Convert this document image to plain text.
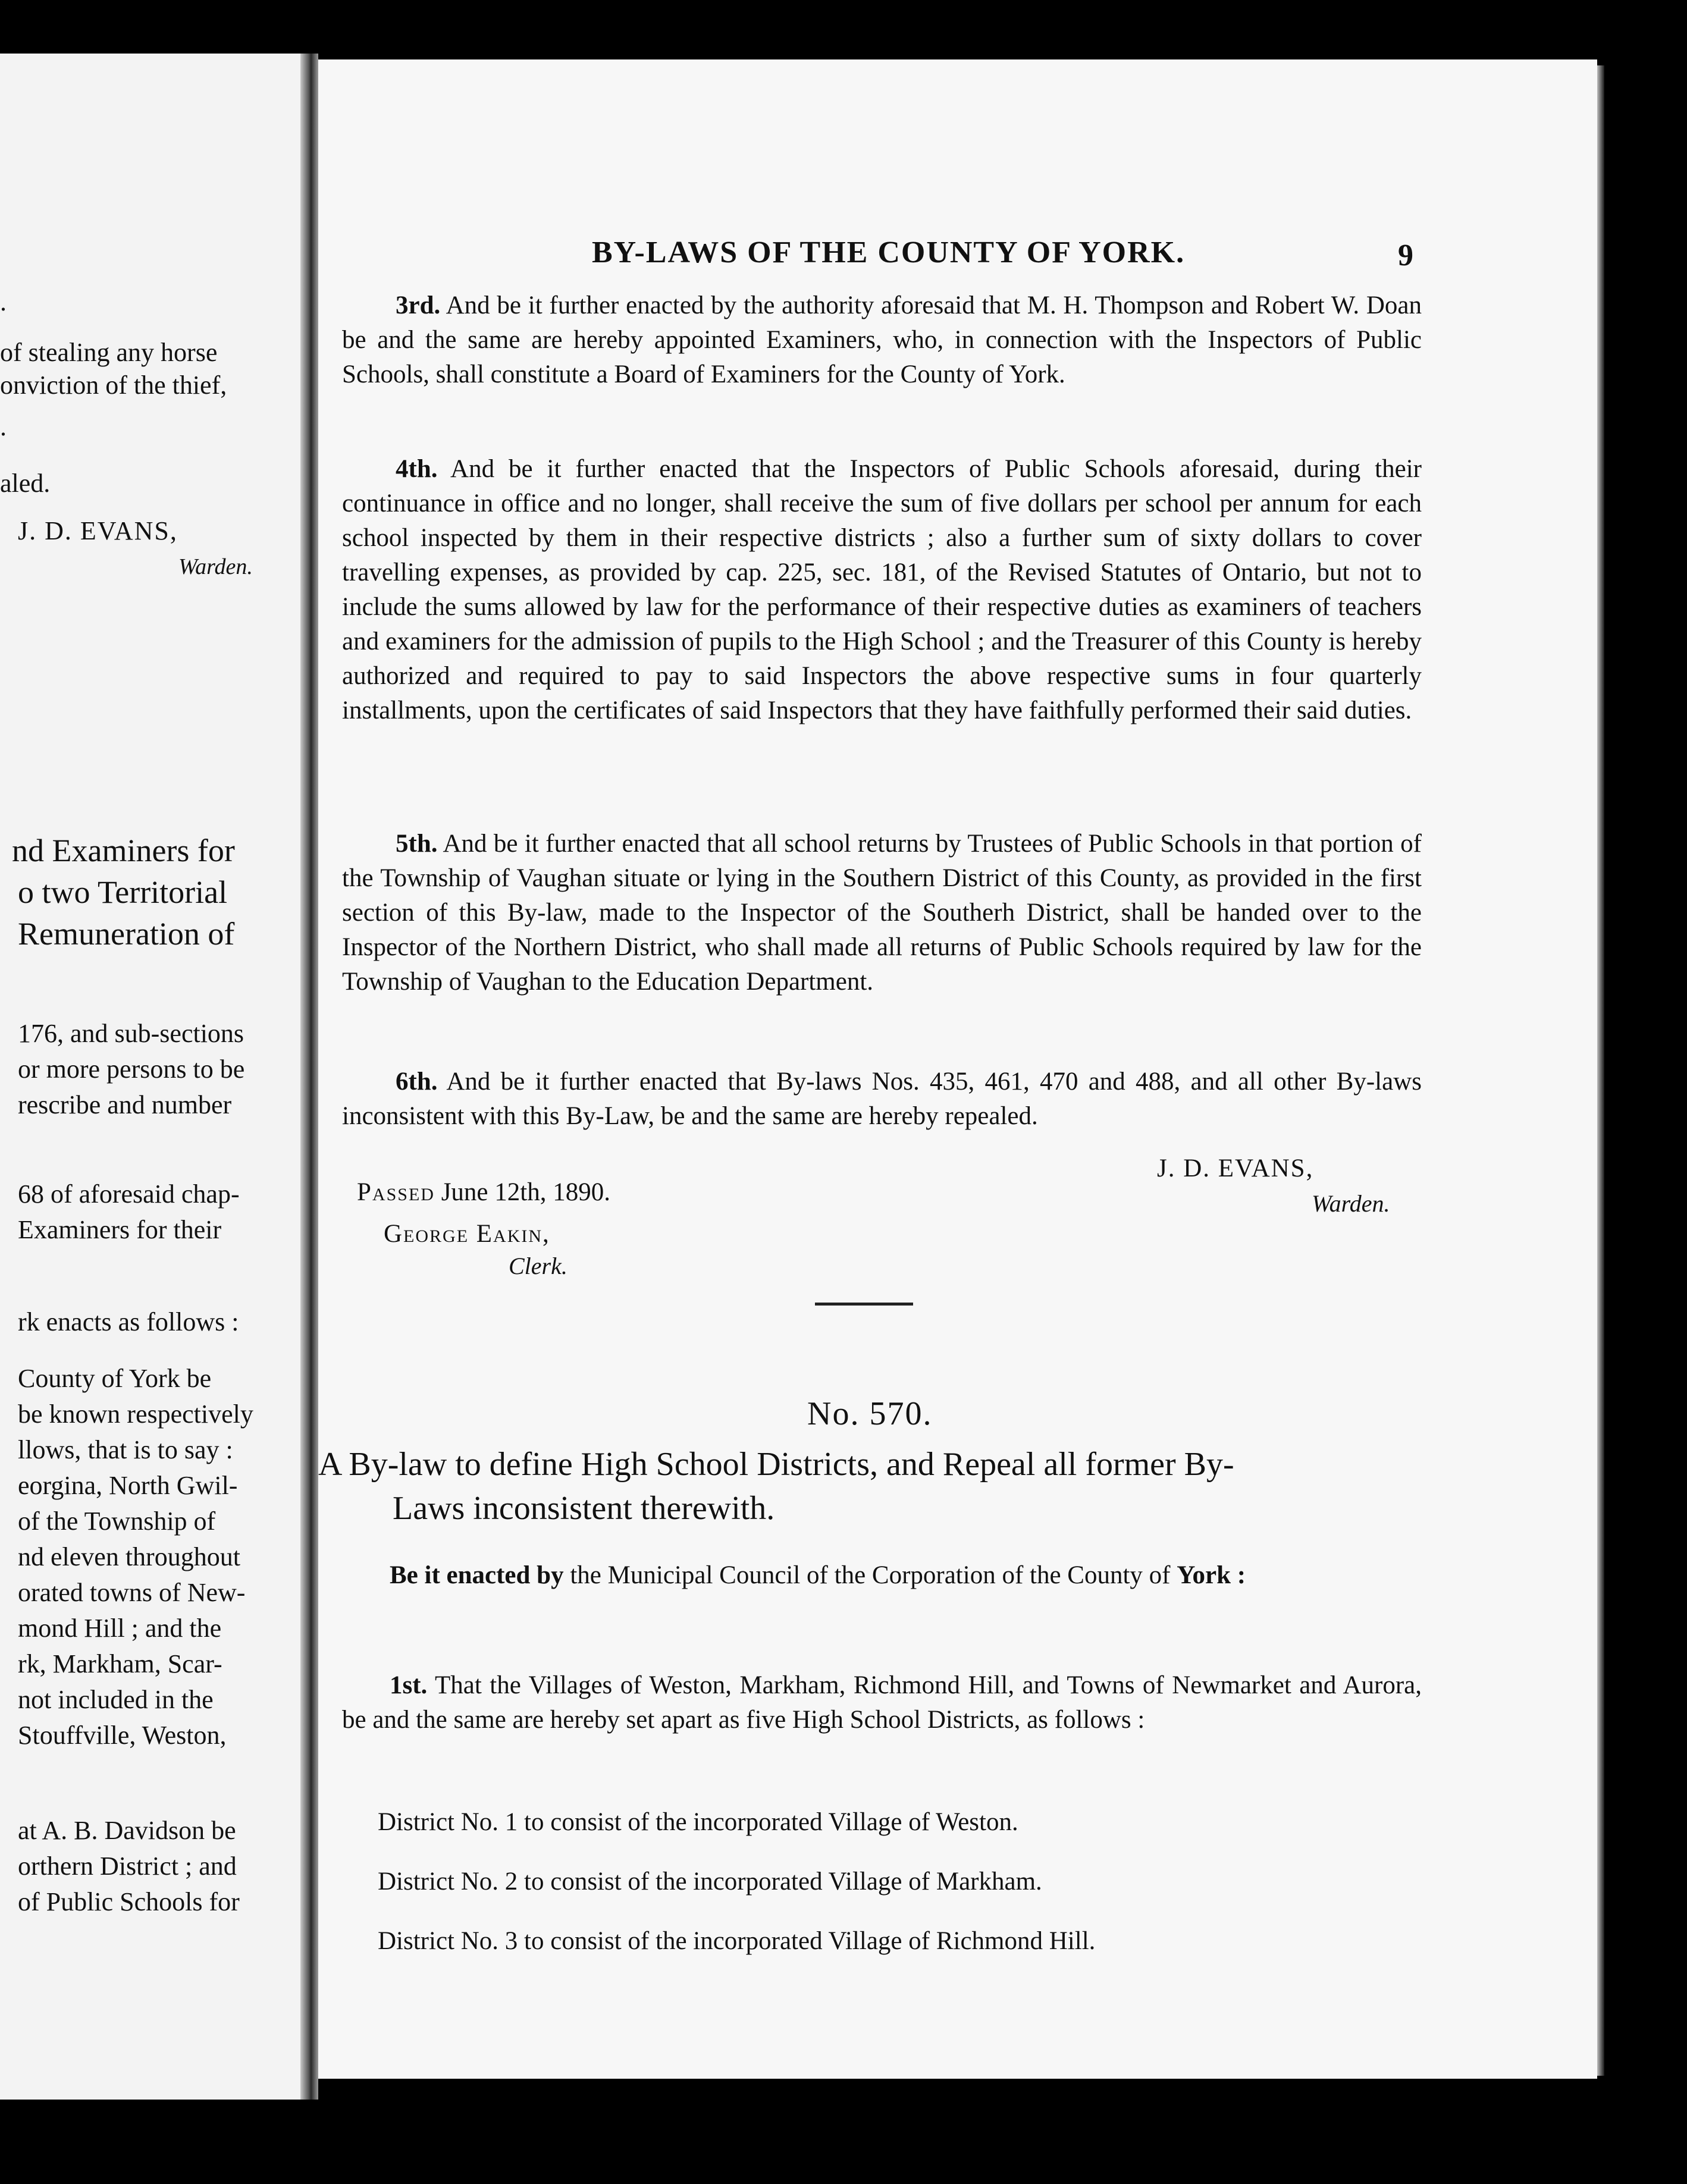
.
of stealing any horse
onviction of the thief,
.
aled.
J. D. EVANS,
Warden.
nd Examiners for
o two Territorial
Remuneration of
176, and sub-sections
or more persons to be
rescribe and number
68 of aforesaid chap-
Examiners for their
rk enacts as follows :
County of York be
be known respectively
llows, that is to say :
eorgina, North Gwil-
of the Township of
nd eleven throughout
orated towns of New-
mond Hill ; and the
rk, Markham, Scar-
not included in the
Stouffville, Weston,
at A. B. Davidson be
orthern District ; and
of Public Schools for
BY-LAWS OF THE COUNTY OF YORK.	9
3rd. And be it further enacted by the authority aforesaid that M. H. Thompson and Robert W. Doan be and the same are hereby appointed Examiners, who, in connection with the Inspectors of Public Schools, shall constitute a Board of Examiners for the County of York.
4th. And be it further enacted that the Inspectors of Public Schools aforesaid, during their continuance in office and no longer, shall receive the sum of five dollars per school per annum for each school inspected by them in their respective districts ; also a further sum of sixty dollars to cover travelling expenses, as provided by cap. 225, sec. 181, of the Revised Statutes of Ontario, but not to include the sums allowed by law for the performance of their respective duties as examiners of teachers and examiners for the admission of pupils to the High School ; and the Treasurer of this County is hereby authorized and required to pay to said Inspectors the above respective sums in four quarterly installments, upon the certificates of said Inspectors that they have faithfully performed their said duties.
5th. And be it further enacted that all school returns by Trustees of Public Schools in that portion of the Township of Vaughan situate or lying in the Southern District of this County, as provided in the first section of this By-law, made to the Inspector of the Southerh District, shall be handed over to the Inspector of the Northern District, who shall made all returns of Public Schools required by law for the Township of Vaughan to the Education Department.
6th. And be it further enacted that By-laws Nos. 435, 461, 470 and 488, and all other By-laws inconsistent with this By-Law, be and the same are hereby repealed.
J. D. EVANS,
Warden.
Passed June 12th, 1890.
George Eakin,
Clerk.
No. 570.
A By-law to define High School Districts, and Repeal all former By-
Laws inconsistent therewith.
Be it enacted by the Municipal Council of the Corporation of the County of York :
1st. That the Villages of Weston, Markham, Richmond Hill, and Towns of Newmarket and Aurora, be and the same are hereby set apart as five High School Districts, as follows :
District No. 1 to consist of the incorporated Village of Weston.
District No. 2 to consist of the incorporated Village of Markham.
District No. 3 to consist of the incorporated Village of Richmond Hill.
